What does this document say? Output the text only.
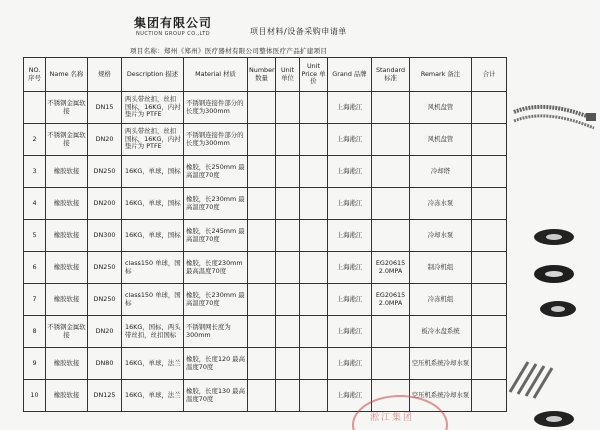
集团有限公司
NUCTION GROUP CO.,LTD	项目材料/设备采购申请单
项目名称：郑州《郑州》医疗器材有限公司整体医疗产品扩建项目
NO. 序号	Name 名称	规格	Description 描述	Material 材质	Number 数量	Unit 单位	Unit Price 单价	Grand 品牌	Standard 标准	Remark 备注	合计
	不锈钢金属软接	DN15	两头带丝扣，丝扣国标，16KG，内衬垫片为 PTFE	不锈钢连接件部分的长度为300mm				上海淞江		风机盘管	
2	不锈钢金属软接	DN20	两头带丝扣，丝扣国标，16KG，内衬垫片为 PTFE	不锈钢连接件部分的长度为300mm				上海淞江		风机盘管	
3	橡胶软接	DN250	16KG，单球，国标	橡胶，长250mm 最高温度70度				上海淞江		冷却塔	
4	橡胶软接	DN200	16KG，单球，国标	橡胶，长230mm 最高温度70度				上海淞江		冷冻水泵	
5	橡胶软接	DN300	16KG，单球，国标	橡胶，长245mm 最高温度70度				上海淞江		冷却水泵	
6	橡胶软接	DN250	class150 单球，国标	橡胶，长度230mm 最高温度70度				上海淞江	EG20615 2.0MPA	制冷机组	
7	橡胶软接	DN250	class150 单球，国标	橡胶，长230mm 最高温度70度				上海淞江	EG20615 2.0MPA	冷冻机组	
8	不锈钢金属软接	DN20	16KG，国标，两头带丝扣，丝扣国标	不锈钢网长度为300mm				上海淞江		板冷水盘系统	
9	橡胶软接	DN80	16KG，单球，法兰	橡胶，长度120 最高温度70度				上海淞江		空压机系统冷却水泵	
10	橡胶软接	DN125	16KG，单球，法兰	橡胶，长度130 最高温度70度				上海淞江		空压机系统冷却水泵	
淞江集团
